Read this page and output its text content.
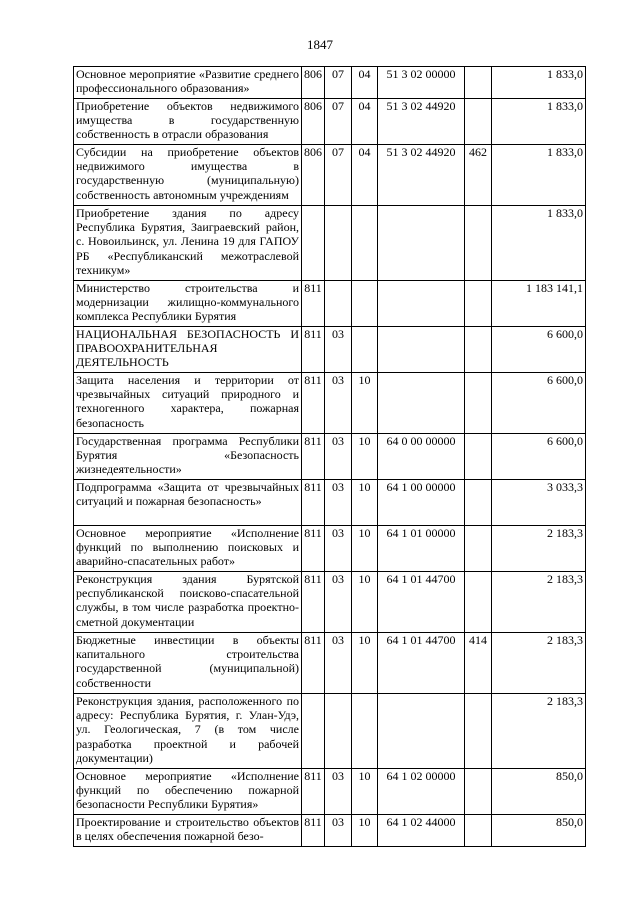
1847
Основное мероприятие «Развитие среднего профессионального образования»	806	07	04	51 3 02 00000		1 833,0
Приобретение объектов недвижимого имущества в государственную собственность в отрасли образования	806	07	04	51 3 02 44920		1 833,0
Субсидии на приобретение объектов недвижимого имущества в государственную (муниципальную) собственность автономным учреждениям	806	07	04	51 3 02 44920	462	1 833,0
Приобретение здания по адресу Республика Бурятия, Заиграевский район, с. Новоильинск, ул. Ленина 19 для ГАПОУ РБ «Республиканский межотраслевой техникум»						1 833,0
Министерство строительства и модернизации жилищно-коммунального комплекса Республики Бурятия	811					1 183 141,1
НАЦИОНАЛЬНАЯ БЕЗОПАСНОСТЬ И ПРАВООХРАНИТЕЛЬНАЯ ДЕЯТЕЛЬНОСТЬ	811	03				6 600,0
Защита населения и территории от чрезвычайных ситуаций природного и техногенного характера, пожарная безопасность	811	03	10			6 600,0
Государственная программа Республики Бурятия «Безопасность жизнедеятельности»	811	03	10	64 0 00 00000		6 600,0
Подпрограмма «Защита от чрезвычайных ситуаций и пожарная безопасность»	811	03	10	64 1 00 00000		3 033,3
Основное мероприятие «Исполнение функций по выполнению поисковых и аварийно-спасательных работ»	811	03	10	64 1 01 00000		2 183,3
Реконструкция здания Бурятской республиканской поисково-спасательной службы, в том числе разработка проектно-сметной документации	811	03	10	64 1 01 44700		2 183,3
Бюджетные инвестиции в объекты капитального строительства государственной (муниципальной) собственности	811	03	10	64 1 01 44700	414	2 183,3
Реконструкция здания, расположенного по адресу: Республика Бурятия, г. Улан-Удэ, ул. Геологическая, 7 (в том числе разработка проектной и рабочей документации)						2 183,3
Основное мероприятие «Исполнение функций по обеспечению пожарной безопасности Республики Бурятия»	811	03	10	64 1 02 00000		850,0
Проектирование и строительство объектов в целях обеспечения пожарной безо-	811	03	10	64 1 02 44000		850,0
